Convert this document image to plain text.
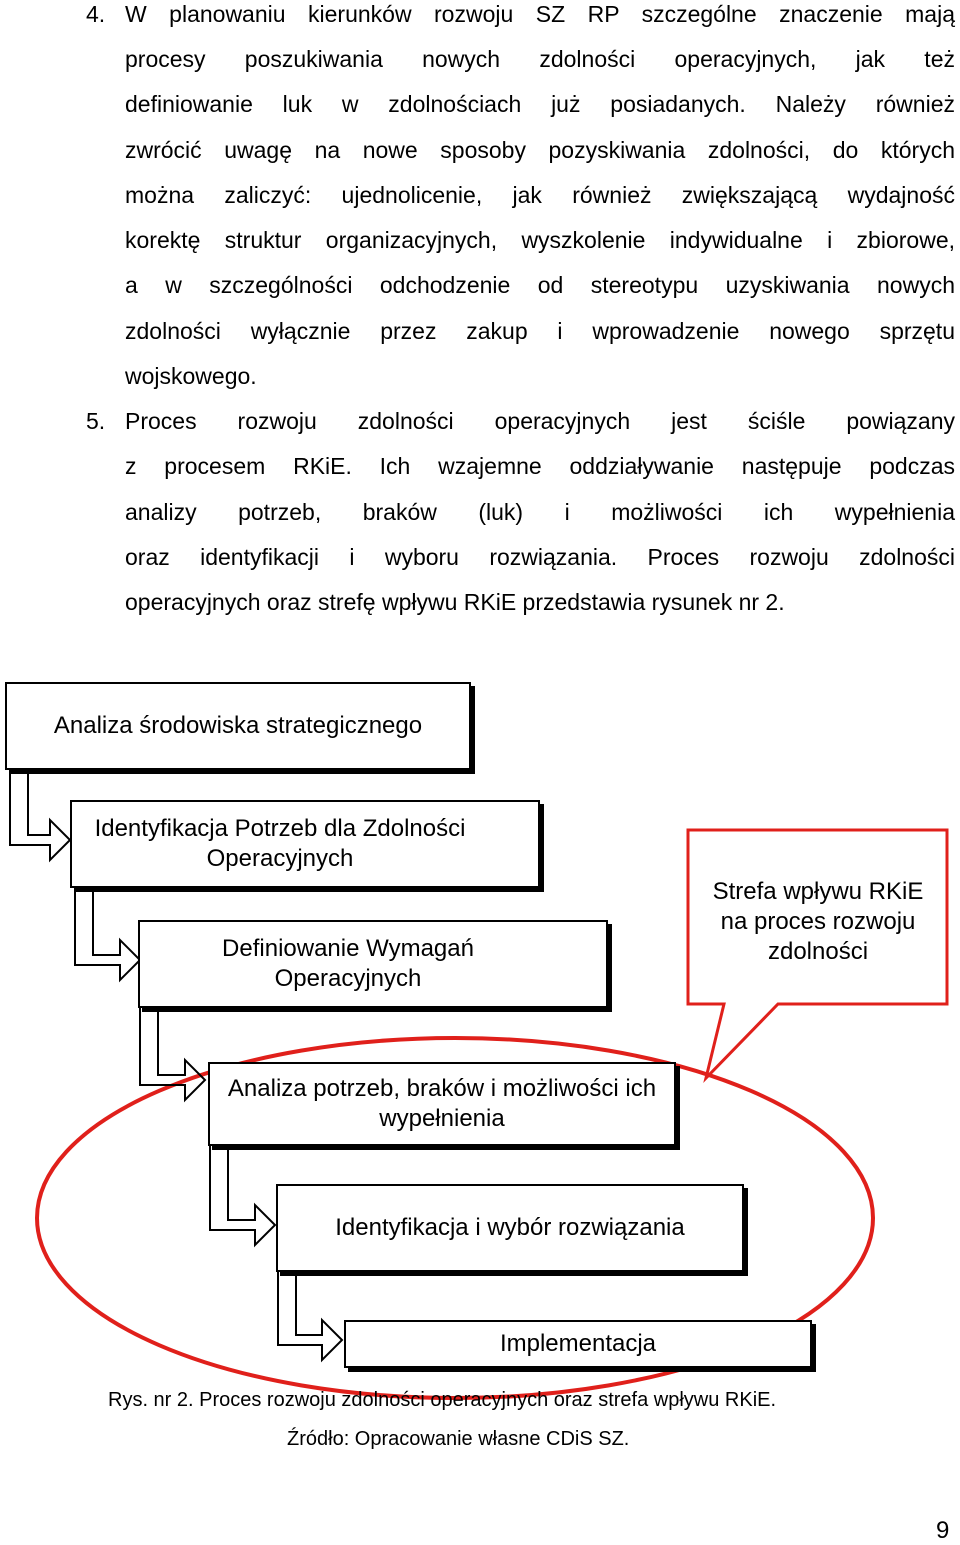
4. W planowaniu kierunków rozwoju SZ RP szczególne znaczenie mają
procesy poszukiwania nowych zdolności operacyjnych, jak też
definiowanie luk w zdolnościach już posiadanych. Należy również
zwrócić uwagę na nowe sposoby pozyskiwania zdolności, do których
można zaliczyć: ujednolicenie, jak również zwiększającą wydajność
korektę struktur organizacyjnych, wyszkolenie indywidualne i zbiorowe,
a w szczególności odchodzenie od stereotypu uzyskiwania nowych
zdolności wyłącznie przez zakup i wprowadzenie nowego sprzętu
wojskowego.
5. Proces rozwoju zdolności operacyjnych jest ściśle powiązany
z procesem RKiE. Ich wzajemne oddziaływanie następuje podczas
analizy potrzeb, braków (luk) i możliwości ich wypełnienia
oraz identyfikacji i wyboru rozwiązania. Proces rozwoju zdolności
operacyjnych oraz strefę wpływu RKiE przedstawia rysunek nr 2.
Analiza środowiska strategicznego
Identyfikacja Potrzeb dla Zdolności Operacyjnych
Definiowanie Wymagań Operacyjnych
Analiza potrzeb, braków i możliwości ich wypełnienia
Identyfikacja i wybór rozwiązania
Implementacja
Strefa wpływu RKiE na proces rozwoju zdolności
Rys. nr 2. Proces rozwoju zdolności operacyjnych oraz strefa wpływu RKiE.
Źródło: Opracowanie własne CDiS SZ.
9
